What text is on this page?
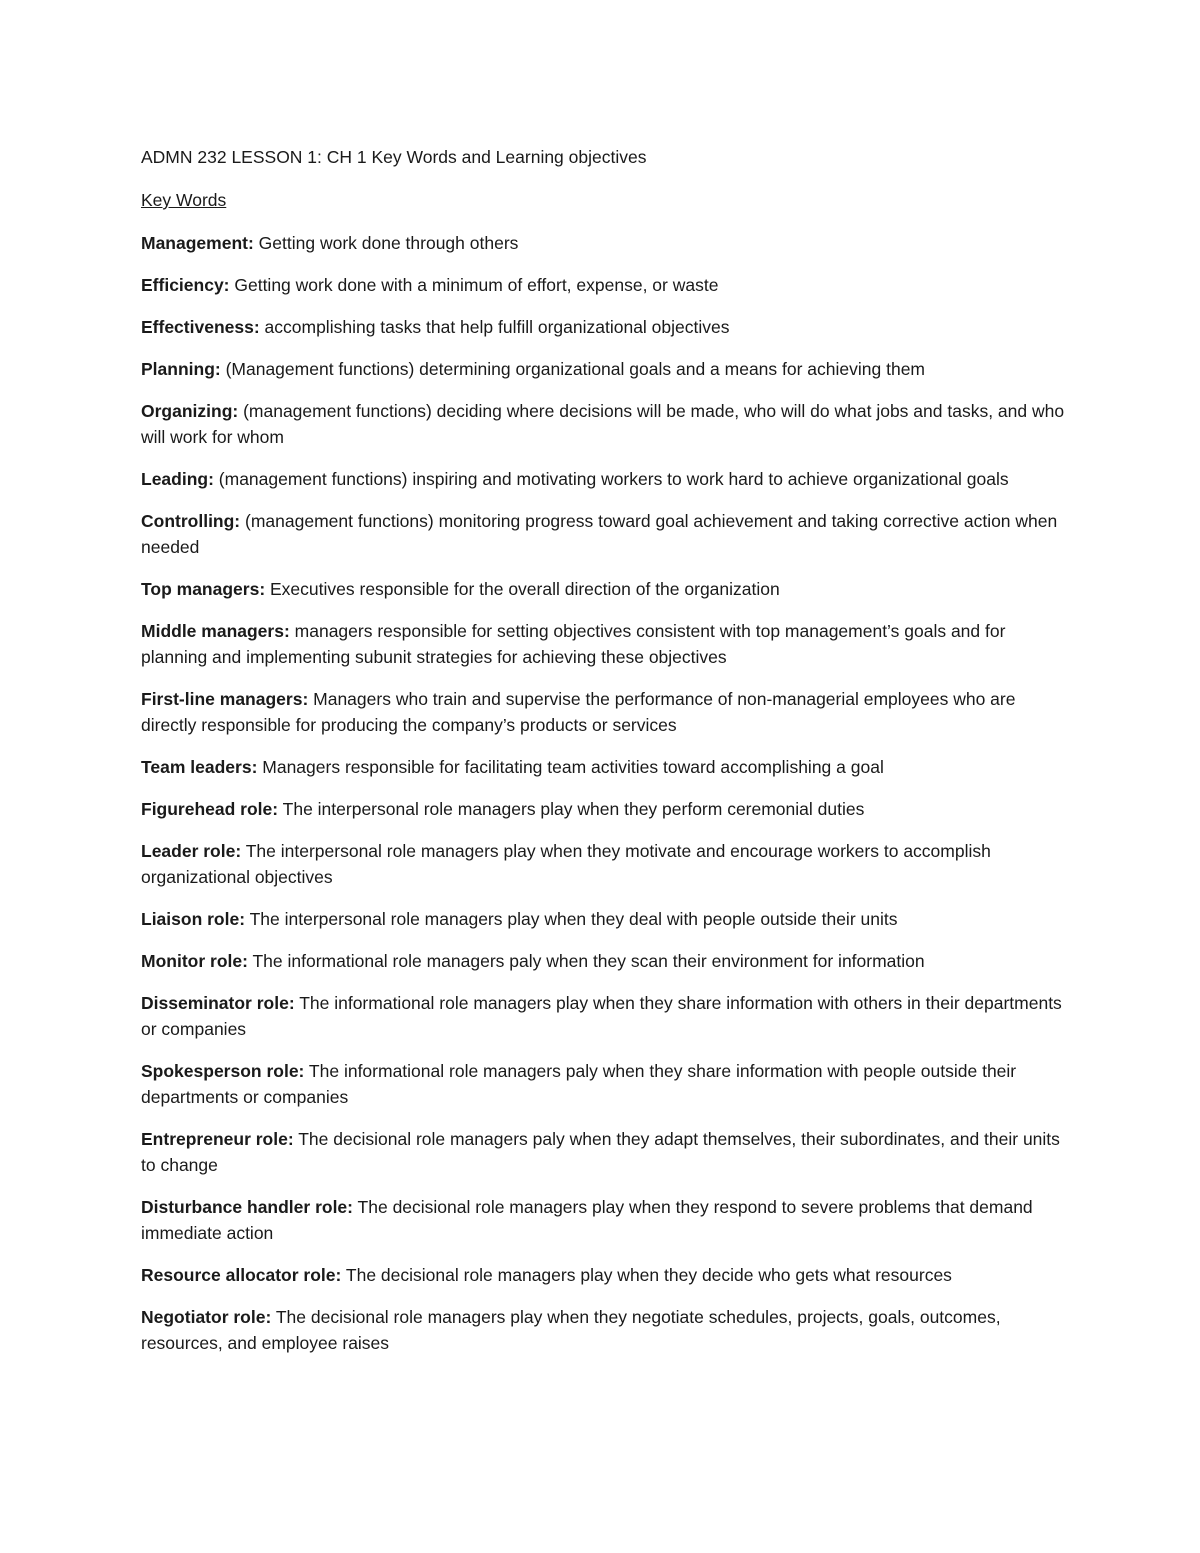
ADMN 232 LESSON 1: CH 1 Key Words and Learning objectives

Key Words

Management: Getting work done through others

Efficiency: Getting work done with a minimum of effort, expense, or waste

Effectiveness: accomplishing tasks that help fulfill organizational objectives

Planning: (Management functions) determining organizational goals and a means for achieving them

Organizing: (management functions) deciding where decisions will be made, who will do what jobs and tasks, and who will work for whom

Leading: (management functions) inspiring and motivating workers to work hard to achieve organizational goals

Controlling: (management functions) monitoring progress toward goal achievement and taking corrective action when needed

Top managers: Executives responsible for the overall direction of the organization

Middle managers: managers responsible for setting objectives consistent with top management’s goals and for planning and implementing subunit strategies for achieving these objectives

First-line managers: Managers who train and supervise the performance of non-managerial employees who are directly responsible for producing the company’s products or services

Team leaders: Managers responsible for facilitating team activities toward accomplishing a goal

Figurehead role: The interpersonal role managers play when they perform ceremonial duties

Leader role: The interpersonal role managers play when they motivate and encourage workers to accomplish organizational objectives

Liaison role: The interpersonal role managers play when they deal with people outside their units

Monitor role: The informational role managers paly when they scan their environment for information

Disseminator role: The informational role managers play when they share information with others in their departments or companies

Spokesperson role: The informational role managers paly when they share information with people outside their departments or companies

Entrepreneur role: The decisional role managers paly when they adapt themselves, their subordinates, and their units to change

Disturbance handler role: The decisional role managers play when they respond to severe problems that demand immediate action

Resource allocator role: The decisional role managers play when they decide who gets what resources

Negotiator role: The decisional role managers play when they negotiate schedules, projects, goals, outcomes, resources, and employee raises
